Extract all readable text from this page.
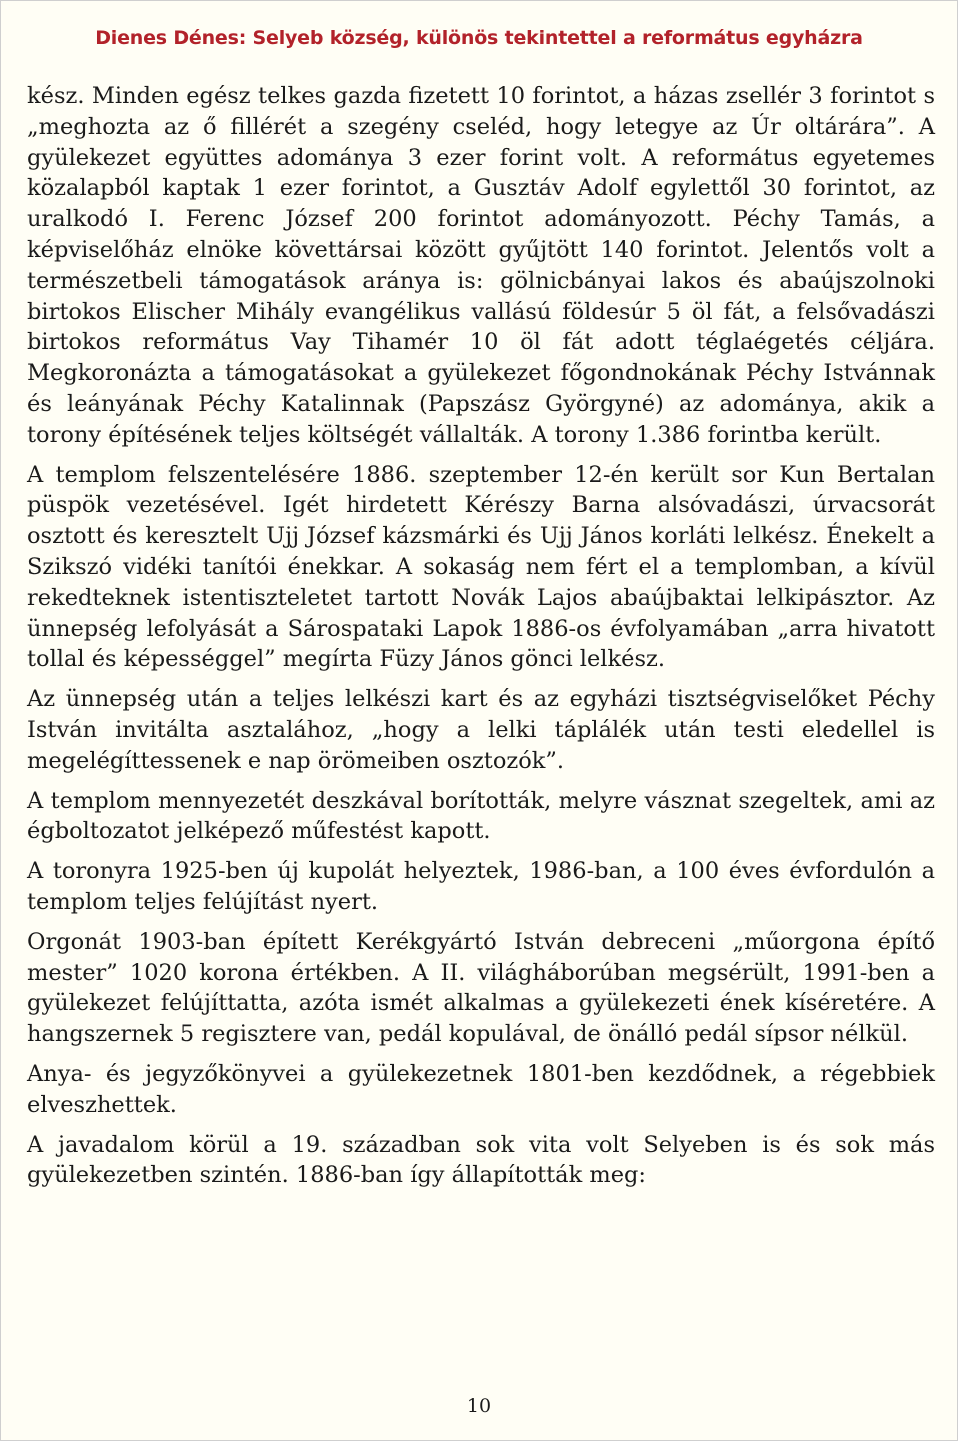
Dienes Dénes: Selyeb község, különös tekintettel a református egyházra

kész. Minden egész telkes gazda fizetett 10 forintot, a házas zsellér 3 forintot s „meghozta az ő fillérét a szegény cseléd, hogy letegye az Úr oltárára”. A gyülekezet együttes adománya 3 ezer forint volt. A református egyetemes közalapból kaptak 1 ezer forintot, a Gusztáv Adolf egylettől 30 forintot, az uralkodó I. Ferenc József 200 forintot adományozott. Péchy Tamás, a képviselőház elnöke követtársai között gyűjtött 140 forintot. Jelentős volt a természetbeli támogatások aránya is: gölnicbányai lakos és abaújszolnoki birtokos Elischer Mihály evangélikus vallású földesúr 5 öl fát, a felsővadászi birtokos református Vay Tihamér 10 öl fát adott téglaégetés céljára. Megkoronázta a támogatásokat a gyülekezet főgondnokának Péchy Istvánnak és leányának Péchy Katalinnak (Papszász Györgyné) az adománya, akik a torony építésének teljes költségét vállalták. A torony 1.386 forintba került.

A templom felszentelésére 1886. szeptember 12-én került sor Kun Bertalan püspök vezetésével. Igét hirdetett Kérészy Barna alsóvadászi, úrvacsorát osztott és keresztelt Ujj József kázsmárki és Ujj János korláti lelkész. Énekelt a Szikszó vidéki tanítói énekkar. A sokaság nem fért el a templomban, a kívül rekedteknek istentiszteletet tartott Novák Lajos abaújbaktai lelkipásztor. Az ünnepség lefolyását a Sárospataki Lapok 1886-os évfolyamában „arra hivatott tollal és képességgel” megírta Füzy János gönci lelkész.

Az ünnepség után a teljes lelkészi kart és az egyházi tisztségviselőket Péchy István invitálta asztalához, „hogy a lelki táplálék után testi eledellel is megelégíttessenek e nap örömeiben osztozók”.

A templom mennyezetét deszkával borították, melyre vásznat szegeltek, ami az égboltozatot jelképező műfestést kapott.

A toronyra 1925-ben új kupolát helyeztek, 1986-ban, a 100 éves évfordulón a templom teljes felújítást nyert.

Orgonát 1903-ban épített Kerékgyártó István debreceni „műorgona építő mester” 1020 korona értékben. A II. világháborúban megsérült, 1991-ben a gyülekezet felújíttatta, azóta ismét alkalmas a gyülekezeti ének kíséretére. A hangszernek 5 regisztere van, pedál kopulával, de önálló pedál sípsor nélkül.

Anya- és jegyzőkönyvei a gyülekezetnek 1801-ben kezdődnek, a régebbiek elveszhettek.

A javadalom körül a 19. században sok vita volt Selyeben is és sok más gyülekezetben szintén. 1886-ban így állapították meg:

10
